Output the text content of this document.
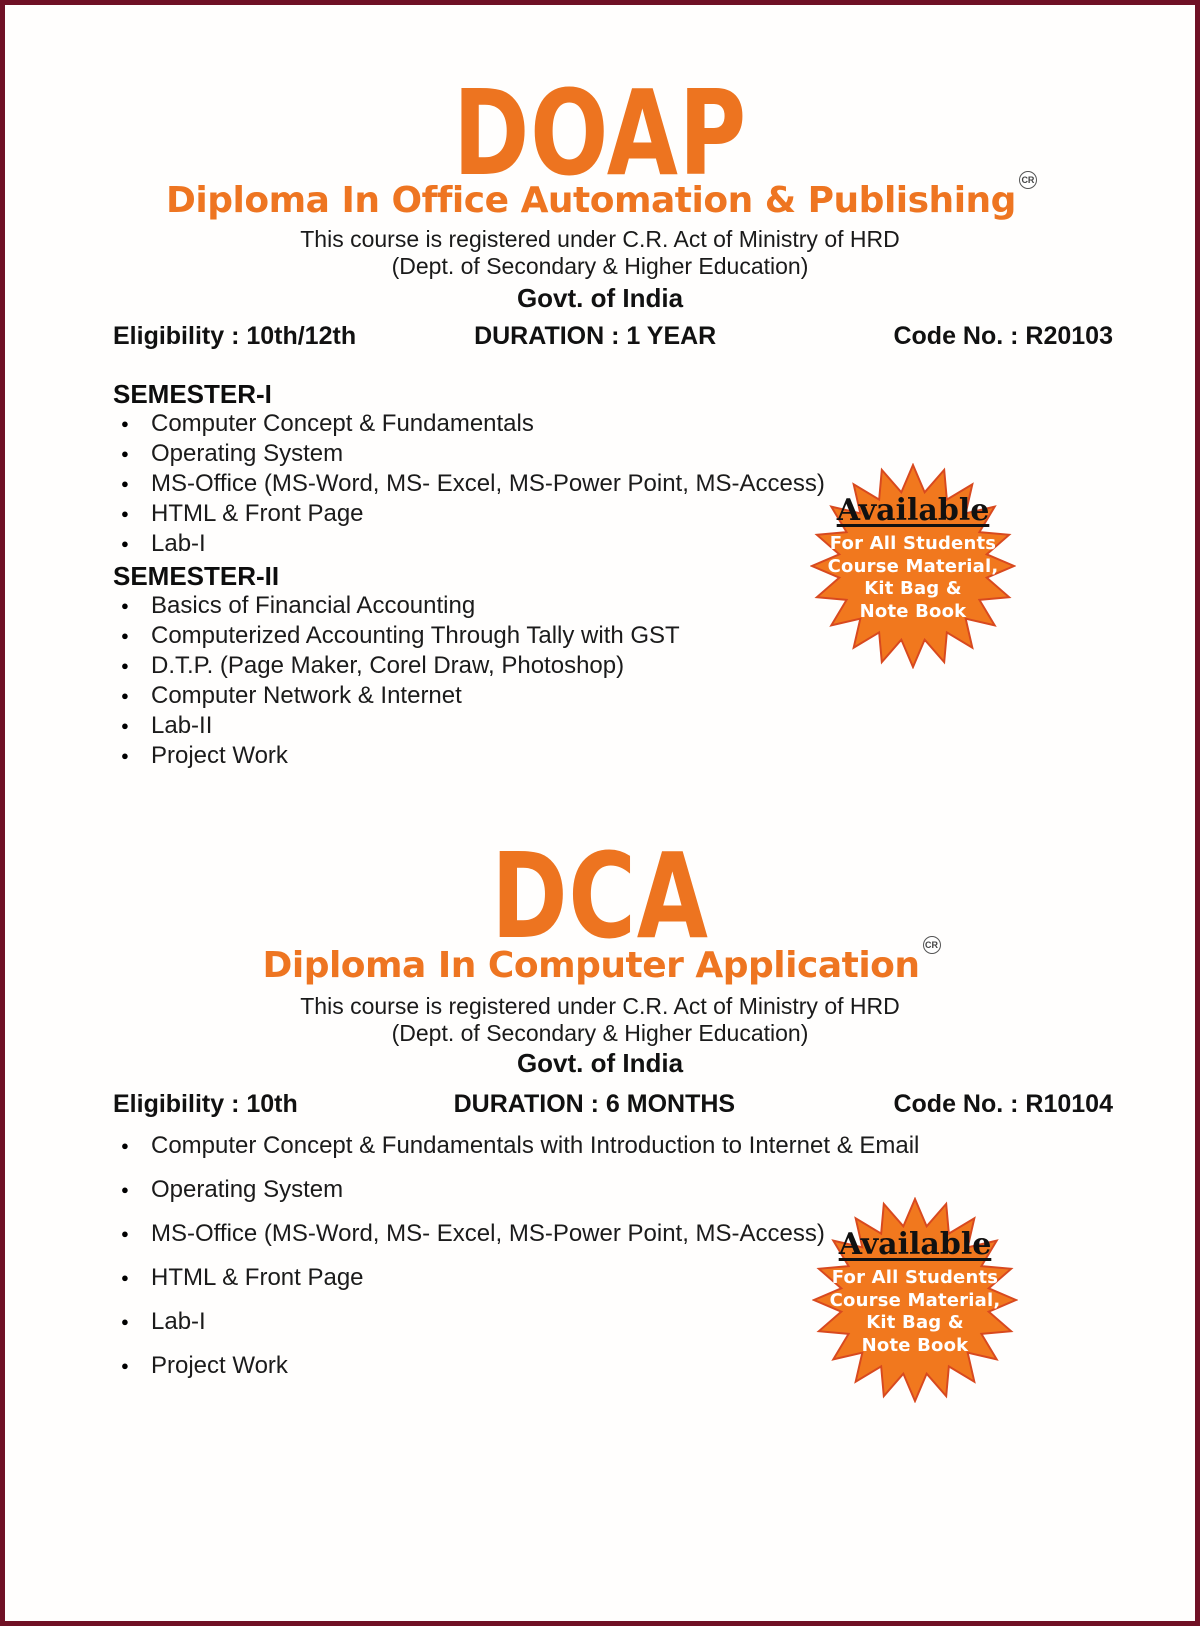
DOAP
Diploma In Office Automation & Publishing CR
This course is registered under C.R. Act of Ministry of HRD
(Dept. of Secondary & Higher Education)
Govt. of India
Eligibility : 10th/12th	DURATION : 1 YEAR	Code No. : R20103
SEMESTER-I
● Computer Concept & Fundamentals
● Operating System
● MS-Office (MS-Word, MS- Excel, MS-Power Point, MS-Access)
● HTML & Front Page
● Lab-I
SEMESTER-II
● Basics of Financial Accounting
● Computerized Accounting Through Tally with GST
● D.T.P. (Page Maker, Corel Draw, Photoshop)
● Computer Network & Internet
● Lab-II
● Project Work
Available
For All Students
Course Material,
Kit Bag &
Note Book
DCA
Diploma In Computer Application CR
This course is registered under C.R. Act of Ministry of HRD
(Dept. of Secondary & Higher Education)
Govt. of India
Eligibility : 10th	DURATION : 6 MONTHS	Code No. : R10104
● Computer Concept & Fundamentals with Introduction to Internet & Email
● Operating System
● MS-Office (MS-Word, MS- Excel, MS-Power Point, MS-Access)
● HTML & Front Page
● Lab-I
● Project Work
Available
For All Students
Course Material,
Kit Bag &
Note Book
